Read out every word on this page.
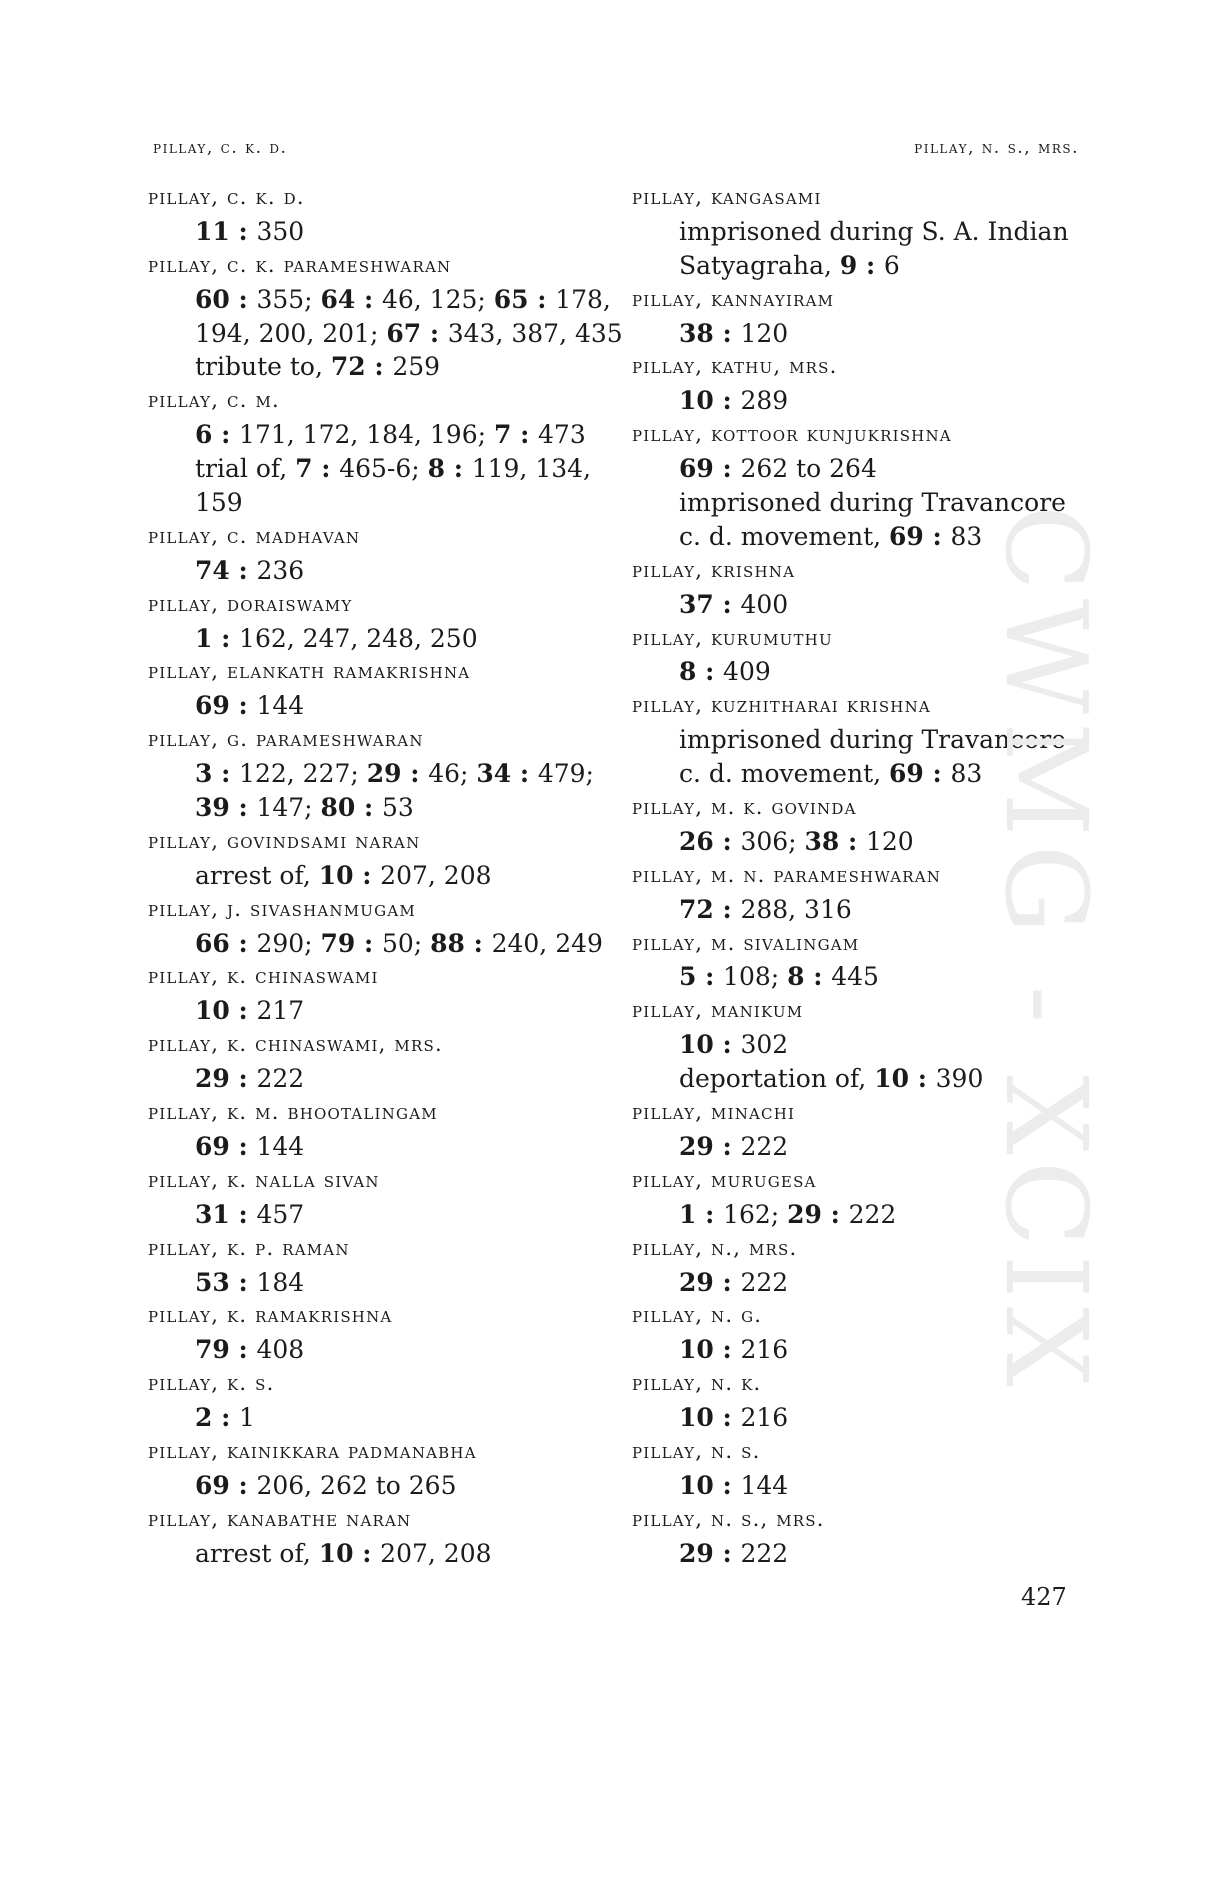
pillay, c. k. d.	pillay, n. s., mrs.
pillay, c. k. d.
11 : 350
pillay, c. k. parameshwaran
60 : 355; 64 : 46, 125; 65 : 178,
194, 200, 201; 67 : 343, 387, 435
tribute to, 72 : 259
pillay, c. m.
6 : 171, 172, 184, 196; 7 : 473
trial of, 7 : 465-6; 8 : 119, 134,
159
pillay, c. madhavan
74 : 236
pillay, doraiswamy
1 : 162, 247, 248, 250
pillay, elankath ramakrishna
69 : 144
pillay, g. parameshwaran
3 : 122, 227; 29 : 46; 34 : 479;
39 : 147; 80 : 53
pillay, govindsami naran
arrest of, 10 : 207, 208
pillay, j. sivashanmugam
66 : 290; 79 : 50; 88 : 240, 249
pillay, k. chinaswami
10 : 217
pillay, k. chinaswami, mrs.
29 : 222
pillay, k. m. bhootalingam
69 : 144
pillay, k. nalla sivan
31 : 457
pillay, k. p. raman
53 : 184
pillay, k. ramakrishna
79 : 408
pillay, k. s.
2 : 1
pillay, kainikkara padmanabha
69 : 206, 262 to 265
pillay, kanabathe naran
arrest of, 10 : 207, 208
pillay, kangasami
imprisoned during S. A. Indian
Satyagraha, 9 : 6
pillay, kannayiram
38 : 120
pillay, kathu, mrs.
10 : 289
pillay, kottoor kunjukrishna
69 : 262 to 264
imprisoned during Travancore
c. d. movement, 69 : 83
pillay, krishna
37 : 400
pillay, kurumuthu
8 : 409
pillay, kuzhitharai krishna
imprisoned during Travancore
c. d. movement, 69 : 83
pillay, m. k. govinda
26 : 306; 38 : 120
pillay, m. n. parameshwaran
72 : 288, 316
pillay, m. sivalingam
5 : 108; 8 : 445
pillay, manikum
10 : 302
deportation of, 10 : 390
pillay, minachi
29 : 222
pillay, murugesa
1 : 162; 29 : 222
pillay, n., mrs.
29 : 222
pillay, n. g.
10 : 216
pillay, n. k.
10 : 216
pillay, n. s.
10 : 144
pillay, n. s., mrs.
29 : 222
CWMG - XCIX
427
